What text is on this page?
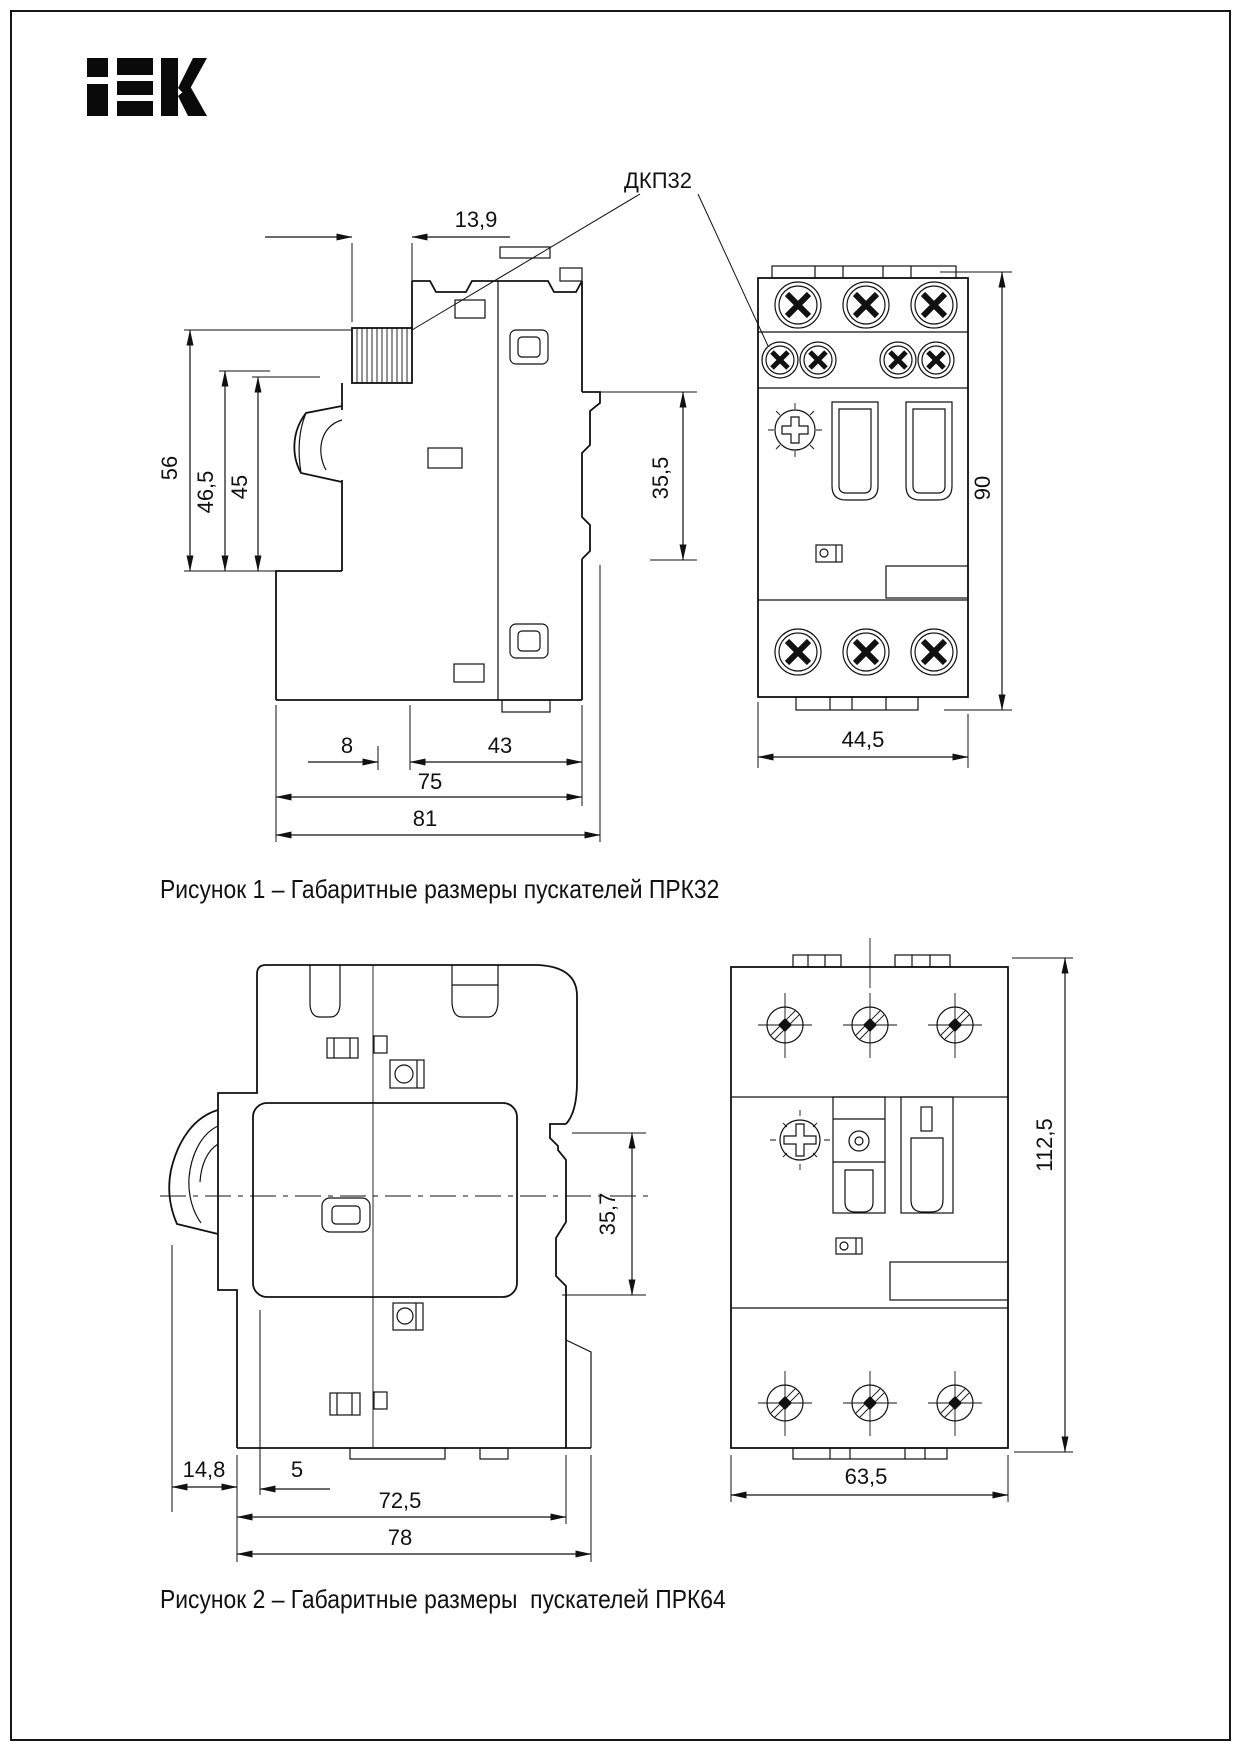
ДКП32
13,9
56
46,5 45	35,5
8	43
75
81
90
44,5
35,7
14,8	5
72,5
78
63,5
112,5
Рисунок 1 – Габаритные размеры пускателей ПРК32
Рисунок 2 – Габаритные размеры  пускателей ПРК64
